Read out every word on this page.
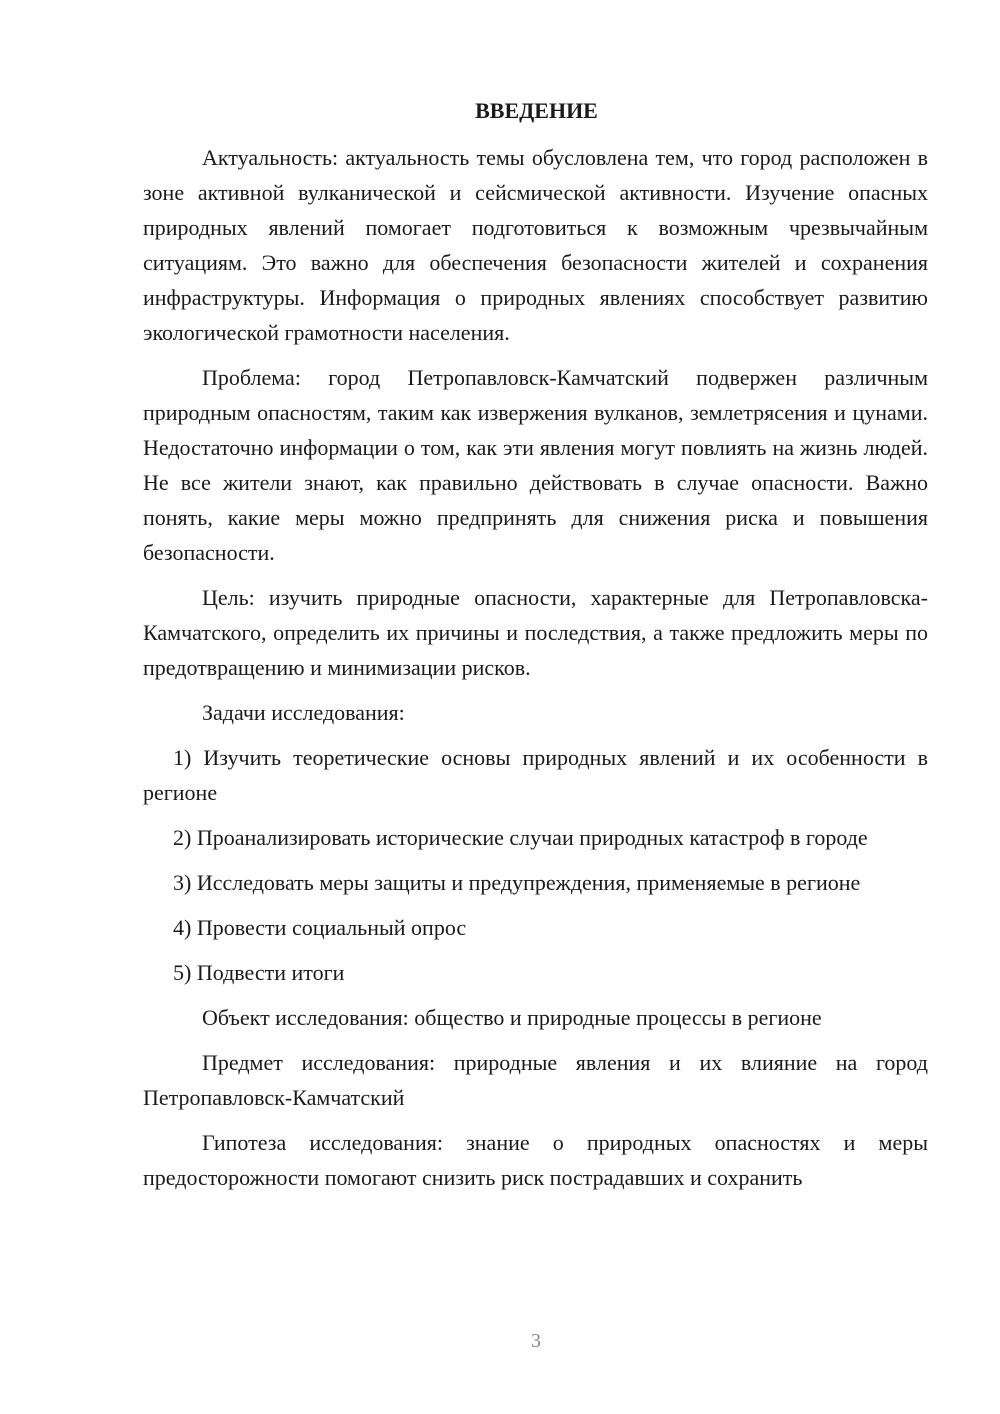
ВВЕДЕНИЕ

Актуальность: актуальность темы обусловлена тем, что город расположен в зоне активной вулканической и сейсмической активности. Изучение опасных природных явлений помогает подготовиться к возможным чрезвычайным ситуациям. Это важно для обеспечения безопасности жителей и сохранения инфраструктуры. Информация о природных явлениях способствует развитию экологической грамотности населения.

Проблема: город Петропавловск-Камчатский подвержен различным природным опасностям, таким как извержения вулканов, землетрясения и цунами. Недостаточно информации о том, как эти явления могут повлиять на жизнь людей. Не все жители знают, как правильно действовать в случае опасности. Важно понять, какие меры можно предпринять для снижения риска и повышения безопасности.

Цель: изучить природные опасности, характерные для Петропавловска-Камчатского, определить их причины и последствия, а также предложить меры по предотвращению и минимизации рисков.

Задачи исследования:

1) Изучить теоретические основы природных явлений и их особенности в регионе

2) Проанализировать исторические случаи природных катастроф в городе

3) Исследовать меры защиты и предупреждения, применяемые в регионе

4) Провести социальный опрос

5) Подвести итоги

Объект исследования: общество и природные процессы в регионе

Предмет исследования: природные явления и их влияние на город Петропавловск-Камчатский

Гипотеза исследования: знание о природных опасностях и меры предосторожности помогают снизить риск пострадавших и сохранить

3
